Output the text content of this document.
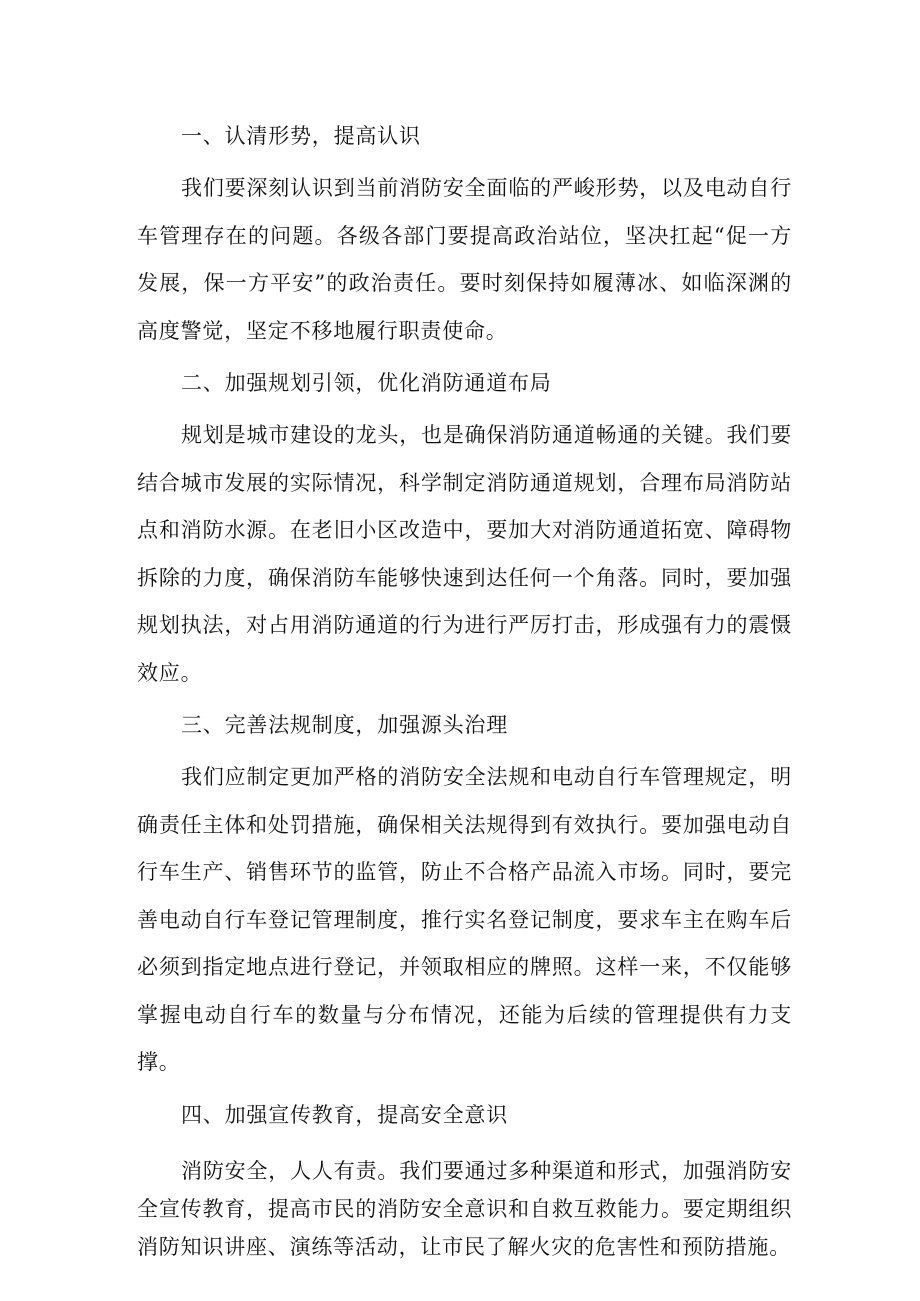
一、认清形势，提高认识

我们要深刻认识到当前消防安全面临的严峻形势，以及电动自行车管理存在的问题。各级各部门要提高政治站位，坚决扛起“促一方发展，保一方平安”的政治责任。要时刻保持如履薄冰、如临深渊的高度警觉，坚定不移地履行职责使命。

二、加强规划引领，优化消防通道布局

规划是城市建设的龙头，也是确保消防通道畅通的关键。我们要结合城市发展的实际情况，科学制定消防通道规划，合理布局消防站点和消防水源。在老旧小区改造中，要加大对消防通道拓宽、障碍物拆除的力度，确保消防车能够快速到达任何一个角落。同时，要加强规划执法，对占用消防通道的行为进行严厉打击，形成强有力的震慑效应。

三、完善法规制度，加强源头治理

我们应制定更加严格的消防安全法规和电动自行车管理规定，明确责任主体和处罚措施，确保相关法规得到有效执行。要加强电动自行车生产、销售环节的监管，防止不合格产品流入市场。同时，要完善电动自行车登记管理制度，推行实名登记制度，要求车主在购车后必须到指定地点进行登记，并领取相应的牌照。这样一来，不仅能够掌握电动自行车的数量与分布情况，还能为后续的管理提供有力支撑。

四、加强宣传教育，提高安全意识

消防安全，人人有责。我们要通过多种渠道和形式，加强消防安全宣传教育，提高市民的消防安全意识和自救互救能力。要定期组织消防知识讲座、演练等活动，让市民了解火灾的危害性和预防措施。
